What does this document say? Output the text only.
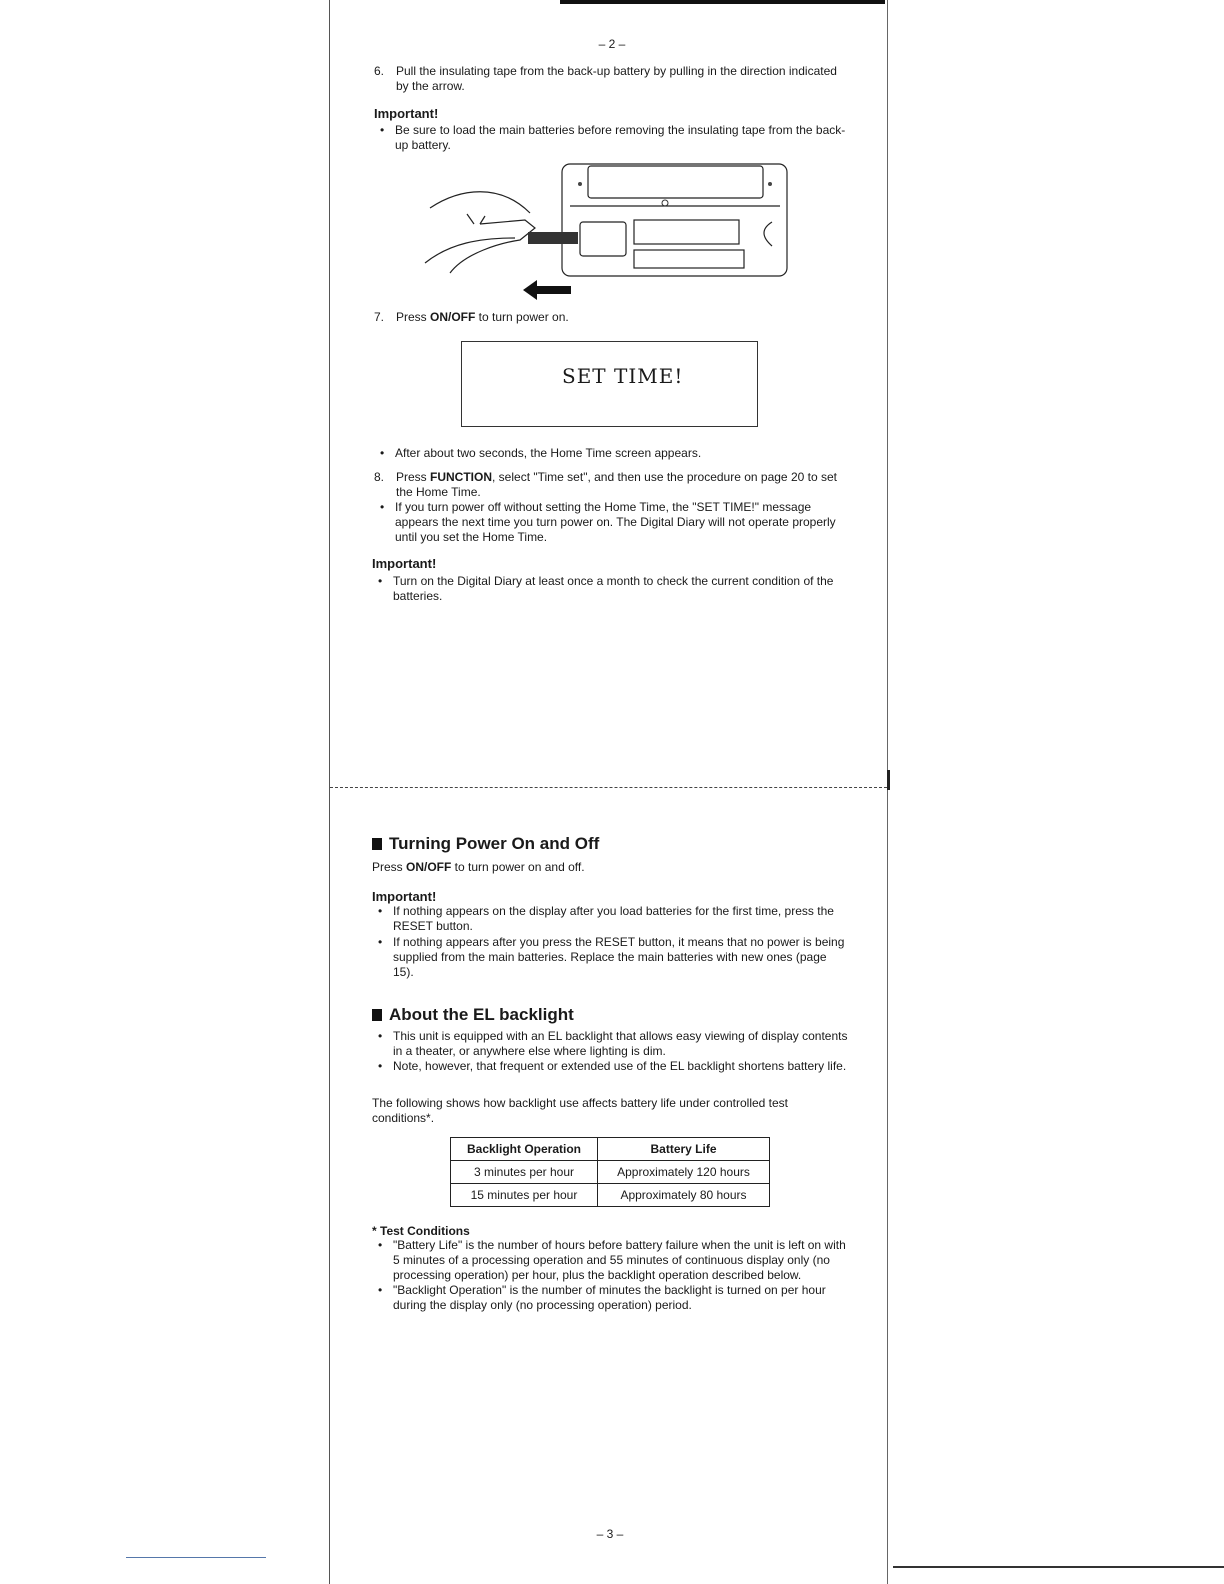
– 2 –
6. Pull the insulating tape from the back-up battery by pulling in the direction indicated by the arrow.
Important!
• Be sure to load the main batteries before removing the insulating tape from the back-up battery.
7. Press ON/OFF to turn power on.
SET TIME!
• After about two seconds, the Home Time screen appears.
8. Press FUNCTION, select "Time set", and then use the procedure on page 20 to set the Home Time.
• If you turn power off without setting the Home Time, the "SET TIME!" message appears the next time you turn power on. The Digital Diary will not operate properly until you set the Home Time.
Important!
• Turn on the Digital Diary at least once a month to check the current condition of the batteries.
Turning Power On and Off
Press ON/OFF to turn power on and off.
Important!
• If nothing appears on the display after you load batteries for the first time, press the RESET button.
• If nothing appears after you press the RESET button, it means that no power is being supplied from the main batteries. Replace the main batteries with new ones (page 15).
About the EL backlight
• This unit is equipped with an EL backlight that allows easy viewing of display contents in a theater, or anywhere else where lighting is dim.
• Note, however, that frequent or extended use of the EL backlight shortens battery life.
The following shows how backlight use affects battery life under controlled test conditions*.
Backlight Operation	Battery Life
3 minutes per hour	Approximately 120 hours
15 minutes per hour	Approximately 80 hours
* Test Conditions
• "Battery Life" is the number of hours before battery failure when the unit is left on with 5 minutes of a processing operation and 55 minutes of continuous display only (no processing operation) per hour, plus the backlight operation described below.
• "Backlight Operation" is the number of minutes the backlight is turned on per hour during the display only (no processing operation) period.
– 3 –
